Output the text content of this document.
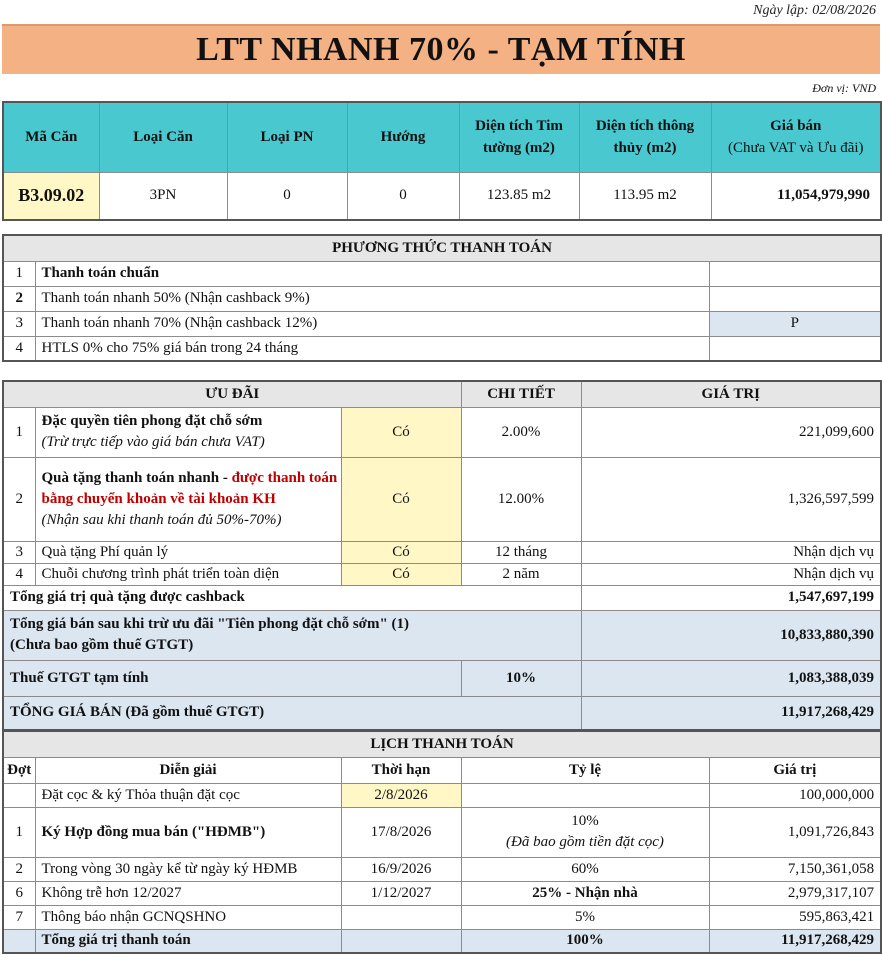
Ngày lập: 02/08/2026
LTT NHANH 70% - TẠM TÍNH
Đơn vị: VND
Mã Căn	Loại Căn	Loại PN	Hướng	Diện tích Tim
tường (m2)	Diện tích thông
thủy (m2)	Giá bán
(Chưa VAT và Ưu đãi)
B3.09.02	3PN	0	0	123.85 m2	113.95 m2	11,054,979,990
PHƯƠNG THỨC THANH TOÁN		
1	Thanh toán chuẩn	
2	Thanh toán nhanh 50% (Nhận cashback 9%)	
3	Thanh toán nhanh 70% (Nhận cashback 12%)	P
4	HTLS 0% cho 75% giá bán trong 24 tháng	
ƯU ĐÃI			CHI TIẾT	GIÁ TRỊ
1	Đặc quyền tiên phong đặt chỗ sớm
(Trừ trực tiếp vào giá bán chưa VAT)	Có	2.00%	221,099,600
2	Quà tặng thanh toán nhanh - được thanh toán bằng chuyển khoản về tài khoản KH
(Nhận sau khi thanh toán đủ 50%-70%)	Có	12.00%	1,326,597,599
3	Quà tặng Phí quản lý	Có	12 tháng	Nhận dịch vụ
4	Chuỗi chương trình phát triển toàn diện	Có	2 năm	Nhận dịch vụ
Tổng giá trị quà tặng được cashback				1,547,697,199

Tổng giá bán sau khi trừ ưu đãi "Tiên phong đặt chỗ sớm" (1)
(Chưa bao gồm thuế GTGT)				10,833,880,390
Thuế GTGT tạm tính			10%	1,083,388,039
TỔNG GIÁ BÁN (Đã gồm thuế GTGT)				11,917,268,429
LỊCH THANH TOÁN				
Đợt	Diễn giải	Thời hạn	Tỷ lệ	Giá trị
	Đặt cọc & ký Thỏa thuận đặt cọc	2/8/2026		100,000,000
1	Ký Hợp đồng mua bán ("HĐMB")	17/8/2026	10%
(Đã bao gồm tiền đặt cọc)	1,091,726,843
2	Trong vòng 30 ngày kể từ ngày ký HĐMB	16/9/2026	60%	7,150,361,058
6	Không trễ hơn 12/2027	1/12/2027	25% - Nhận nhà	2,979,317,107
7	Thông báo nhận GCNQSHNO		5%	595,863,421
	Tổng giá trị thanh toán		100%	11,917,268,429
